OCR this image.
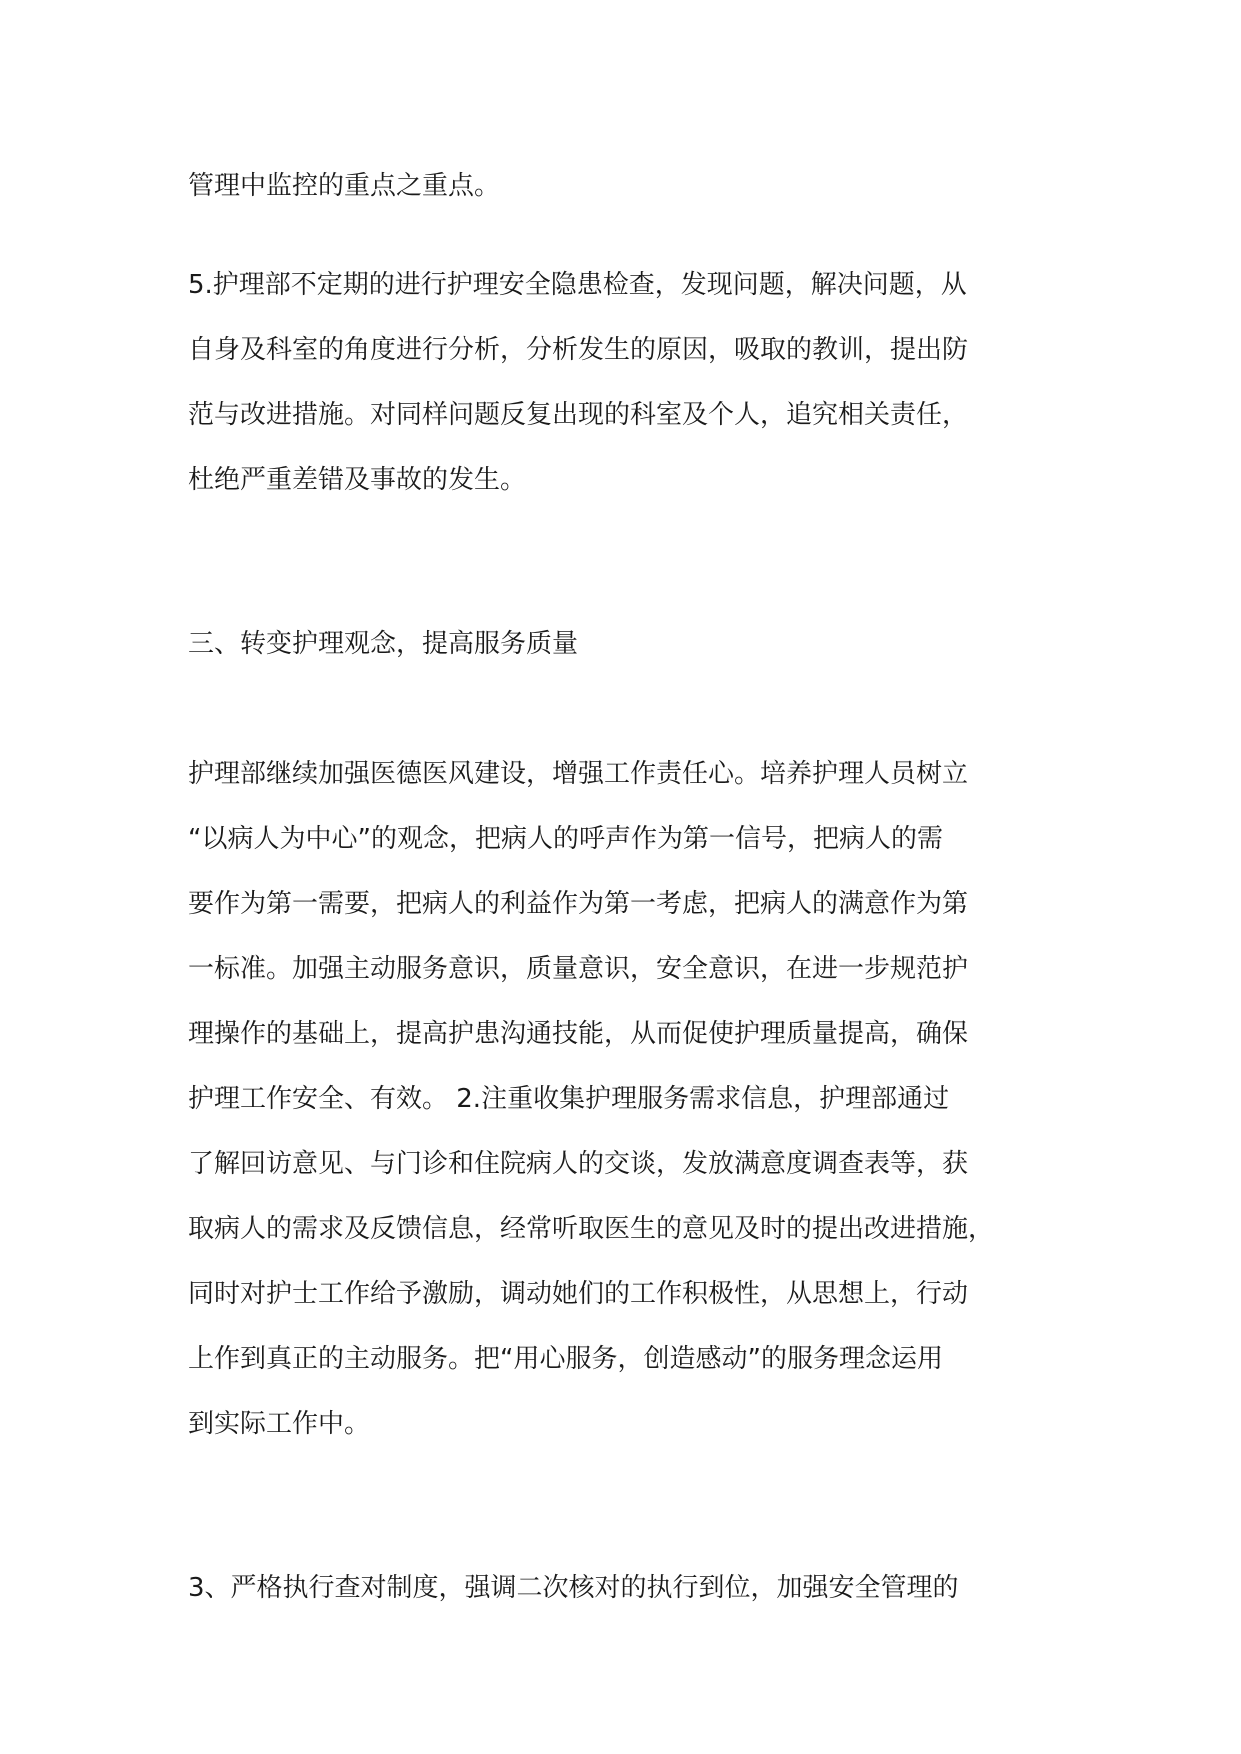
管理中监控的重点之重点。
5.护理部不定期的进行护理安全隐患检查，发现问题，解决问题，从
自身及科室的角度进行分析，分析发生的原因，吸取的教训，提出防
范与改进措施。对同样问题反复出现的科室及个人，追究相关责任，
杜绝严重差错及事故的发生。
三、转变护理观念，提高服务质量
护理部继续加强医德医风建设，增强工作责任心。培养护理人员树立
“以病人为中心”的观念，把病人的呼声作为第一信号，把病人的需
要作为第一需要，把病人的利益作为第一考虑，把病人的满意作为第
一标准。加强主动服务意识，质量意识，安全意识，在进一步规范护
理操作的基础上，提高护患沟通技能，从而促使护理质量提高，确保
护理工作安全、有效。 2.注重收集护理服务需求信息，护理部通过
了解回访意见、与门诊和住院病人的交谈，发放满意度调查表等，获
取病人的需求及反馈信息，经常听取医生的意见及时的提出改进措施，
同时对护士工作给予激励，调动她们的工作积极性，从思想上，行动
上作到真正的主动服务。把“用心服务，创造感动”的服务理念运用
到实际工作中。
3、严格执行查对制度，强调二次核对的执行到位，加强安全管理的
